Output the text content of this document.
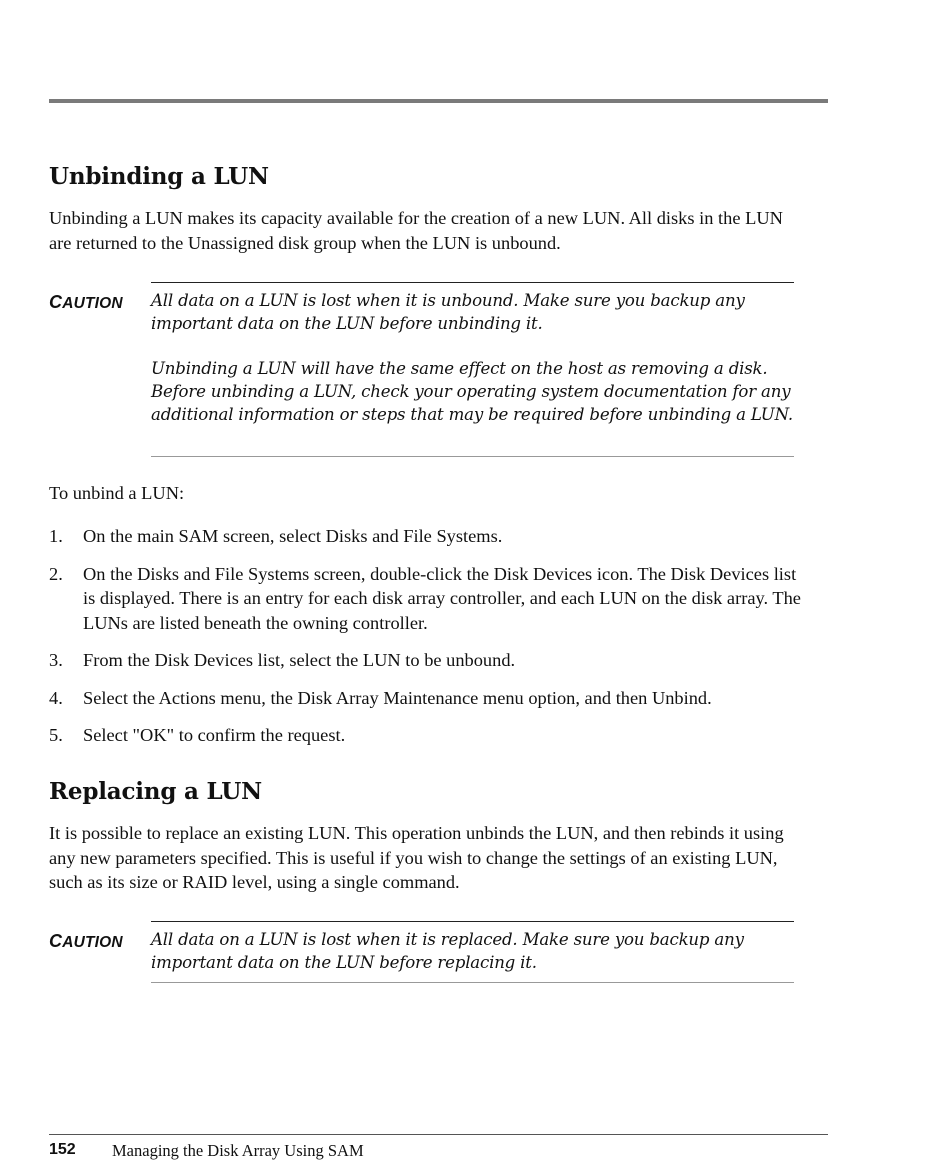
Unbinding a LUN

Unbinding a LUN makes its capacity available for the creation of a new LUN. All disks in the LUN are returned to the Unassigned disk group when the LUN is unbound.

CAUTION All data on a LUN is lost when it is unbound. Make sure you backup any important data on the LUN before unbinding it.

Unbinding a LUN will have the same effect on the host as removing a disk. Before unbinding a LUN, check your operating system documentation for any additional information or steps that may be required before unbinding a LUN.

To unbind a LUN:

1. On the main SAM screen, select Disks and File Systems.
2. On the Disks and File Systems screen, double-click the Disk Devices icon. The Disk Devices list is displayed. There is an entry for each disk array controller, and each LUN on the disk array. The LUNs are listed beneath the owning controller.
3. From the Disk Devices list, select the LUN to be unbound.
4. Select the Actions menu, the Disk Array Maintenance menu option, and then Unbind.
5. Select "OK" to confirm the request.
Replacing a LUN

It is possible to replace an existing LUN. This operation unbinds the LUN, and then rebinds it using any new parameters specified. This is useful if you wish to change the settings of an existing LUN, such as its size or RAID level, using a single command.

CAUTION All data on a LUN is lost when it is replaced. Make sure you backup any important data on the LUN before replacing it.

152 Managing the Disk Array Using SAM
